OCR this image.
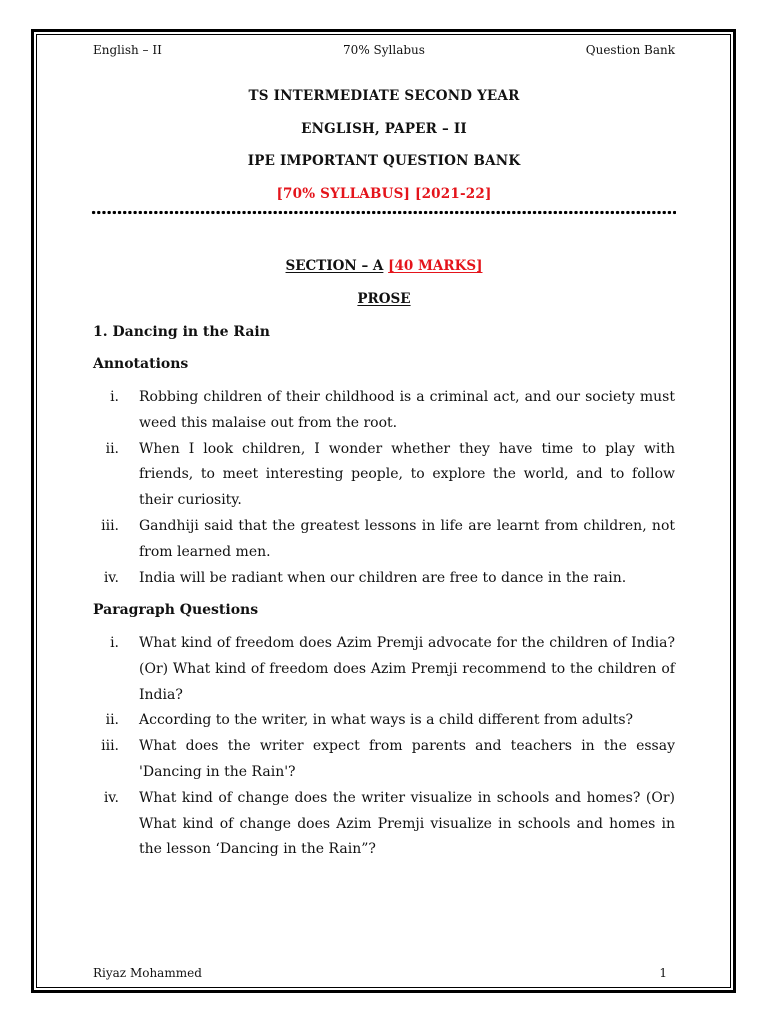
English – II	70% Syllabus	Question Bank
TS INTERMEDIATE SECOND YEAR
ENGLISH, PAPER – II
IPE IMPORTANT QUESTION BANK
[70% SYLLABUS] [2021-22]
SECTION – A [40 MARKS]
PROSE
1. Dancing in the Rain
Annotations
i. Robbing children of their childhood is a criminal act, and our society must weed this malaise out from the root.
ii. When I look children, I wonder whether they have time to play with friends, to meet interesting people, to explore the world, and to follow their curiosity.
iii. Gandhiji said that the greatest lessons in life are learnt from children, not from learned men.
iv. India will be radiant when our children are free to dance in the rain.
Paragraph Questions
i. What kind of freedom does Azim Premji advocate for the children of India? (Or) What kind of freedom does Azim Premji recommend to the children of India?
ii. According to the writer, in what ways is a child different from adults?
iii. What does the writer expect from parents and teachers in the essay 'Dancing in the Rain'?
iv. What kind of change does the writer visualize in schools and homes? (Or) What kind of change does Azim Premji visualize in schools and homes in the lesson ‘Dancing in the Rain”?
Riyaz Mohammed	1
